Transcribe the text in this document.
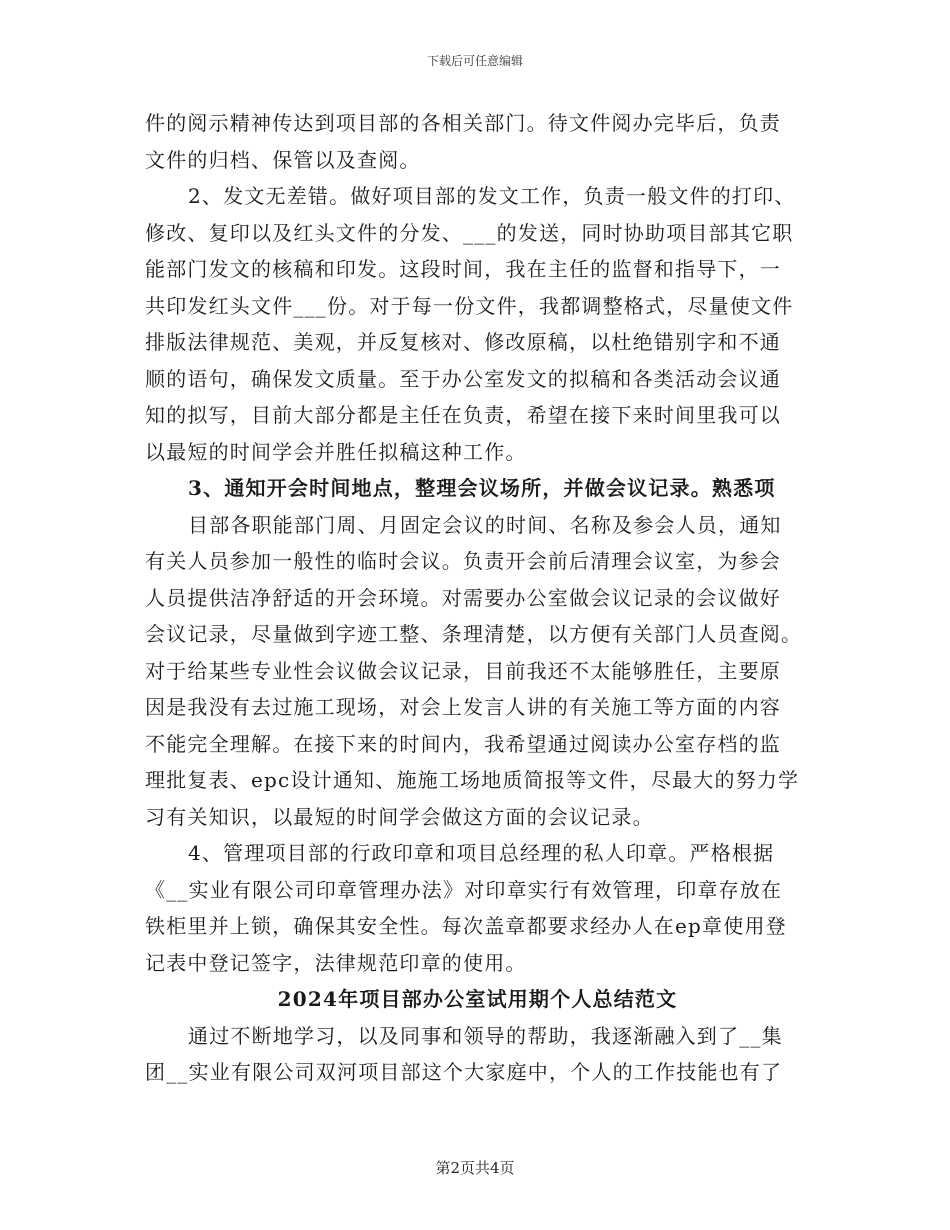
下载后可任意编辑
件的阅示精神传达到项目部的各相关部门。待文件阅办完毕后，负责
文件的归档、保管以及查阅。
2、发文无差错。做好项目部的发文工作，负责一般文件的打印、
修改、复印以及红头文件的分发、___的发送，同时协助项目部其它职
能部门发文的核稿和印发。这段时间，我在主任的监督和指导下，一
共印发红头文件___份。对于每一份文件，我都调整格式，尽量使文件
排版法律规范、美观，并反复核对、修改原稿，以杜绝错别字和不通
顺的语句，确保发文质量。至于办公室发文的拟稿和各类活动会议通
知的拟写，目前大部分都是主任在负责，希望在接下来时间里我可以
以最短的时间学会并胜任拟稿这种工作。
3、通知开会时间地点，整理会议场所，并做会议记录。熟悉项
目部各职能部门周、月固定会议的时间、名称及参会人员，通知
有关人员参加一般性的临时会议。负责开会前后清理会议室，为参会
人员提供洁净舒适的开会环境。对需要办公室做会议记录的会议做好
会议记录，尽量做到字迹工整、条理清楚，以方便有关部门人员查阅。
对于给某些专业性会议做会议记录，目前我还不太能够胜任，主要原
因是我没有去过施工现场，对会上发言人讲的有关施工等方面的内容
不能完全理解。在接下来的时间内，我希望通过阅读办公室存档的监
理批复表、epc设计通知、施施工场地质简报等文件，尽最大的努力学
习有关知识，以最短的时间学会做这方面的会议记录。
4、管理项目部的行政印章和项目总经理的私人印章。严格根据
《__实业有限公司印章管理办法》对印章实行有效管理，印章存放在
铁柜里并上锁，确保其安全性。每次盖章都要求经办人在ep章使用登
记表中登记签字，法律规范印章的使用。
2024年项目部办公室试用期个人总结范文
通过不断地学习，以及同事和领导的帮助，我逐渐融入到了__集
团__实业有限公司双河项目部这个大家庭中，个人的工作技能也有了
第2页共4页
